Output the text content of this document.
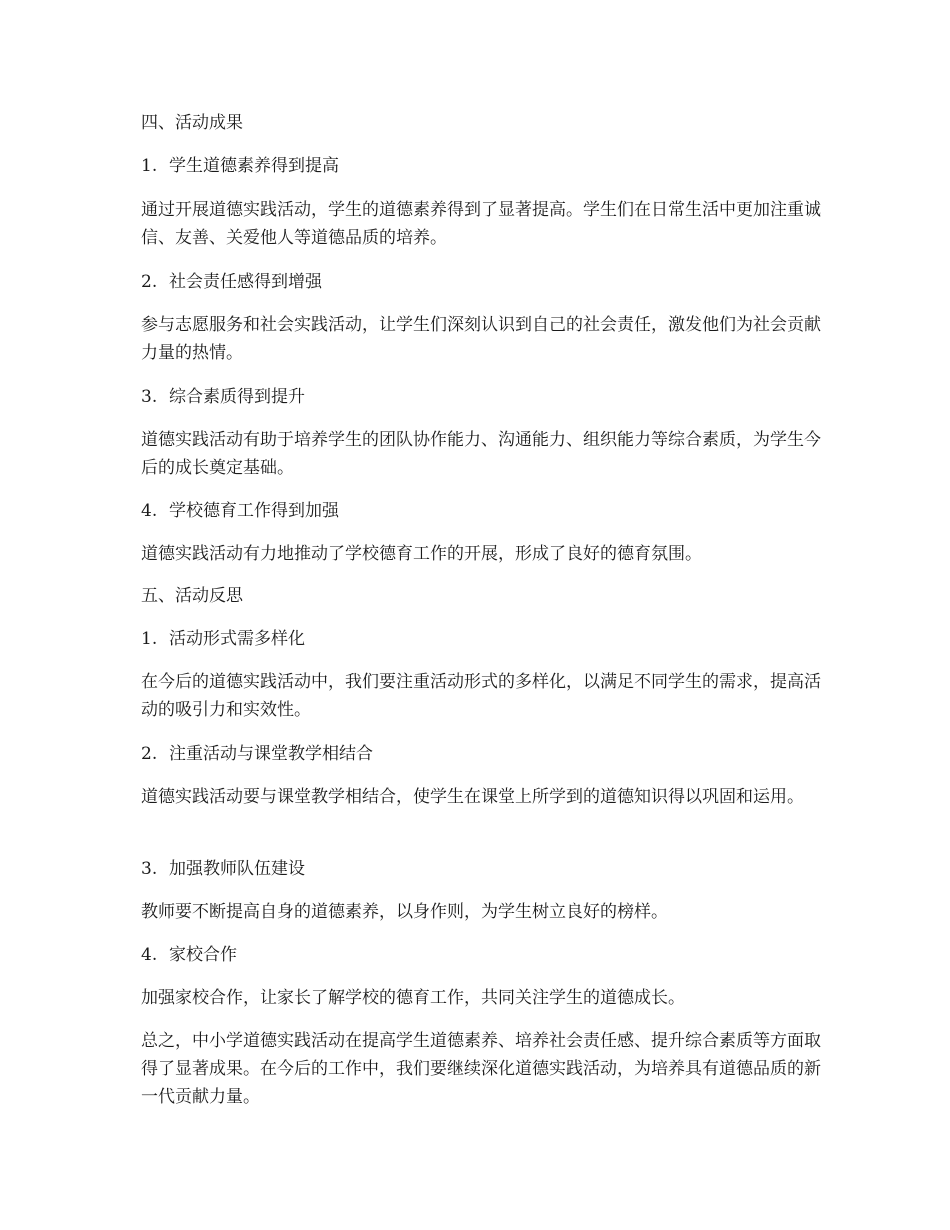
四、活动成果

1. 学生道德素养得到提高

通过开展道德实践活动，学生的道德素养得到了显著提高。学生们在日常生活中更加注重诚信、友善、关爱他人等道德品质的培养。

2. 社会责任感得到增强

参与志愿服务和社会实践活动，让学生们深刻认识到自己的社会责任，激发他们为社会贡献力量的热情。

3. 综合素质得到提升

道德实践活动有助于培养学生的团队协作能力、沟通能力、组织能力等综合素质，为学生今后的成长奠定基础。

4. 学校德育工作得到加强

道德实践活动有力地推动了学校德育工作的开展，形成了良好的德育氛围。

五、活动反思

1. 活动形式需多样化

在今后的道德实践活动中，我们要注重活动形式的多样化，以满足不同学生的需求，提高活动的吸引力和实效性。

2. 注重活动与课堂教学相结合

道德实践活动要与课堂教学相结合，使学生在课堂上所学到的道德知识得以巩固和运用。

3. 加强教师队伍建设

教师要不断提高自身的道德素养，以身作则，为学生树立良好的榜样。

4. 家校合作

加强家校合作，让家长了解学校的德育工作，共同关注学生的道德成长。

总之，中小学道德实践活动在提高学生道德素养、培养社会责任感、提升综合素质等方面取得了显著成果。在今后的工作中，我们要继续深化道德实践活动，为培养具有道德品质的新一代贡献力量。
